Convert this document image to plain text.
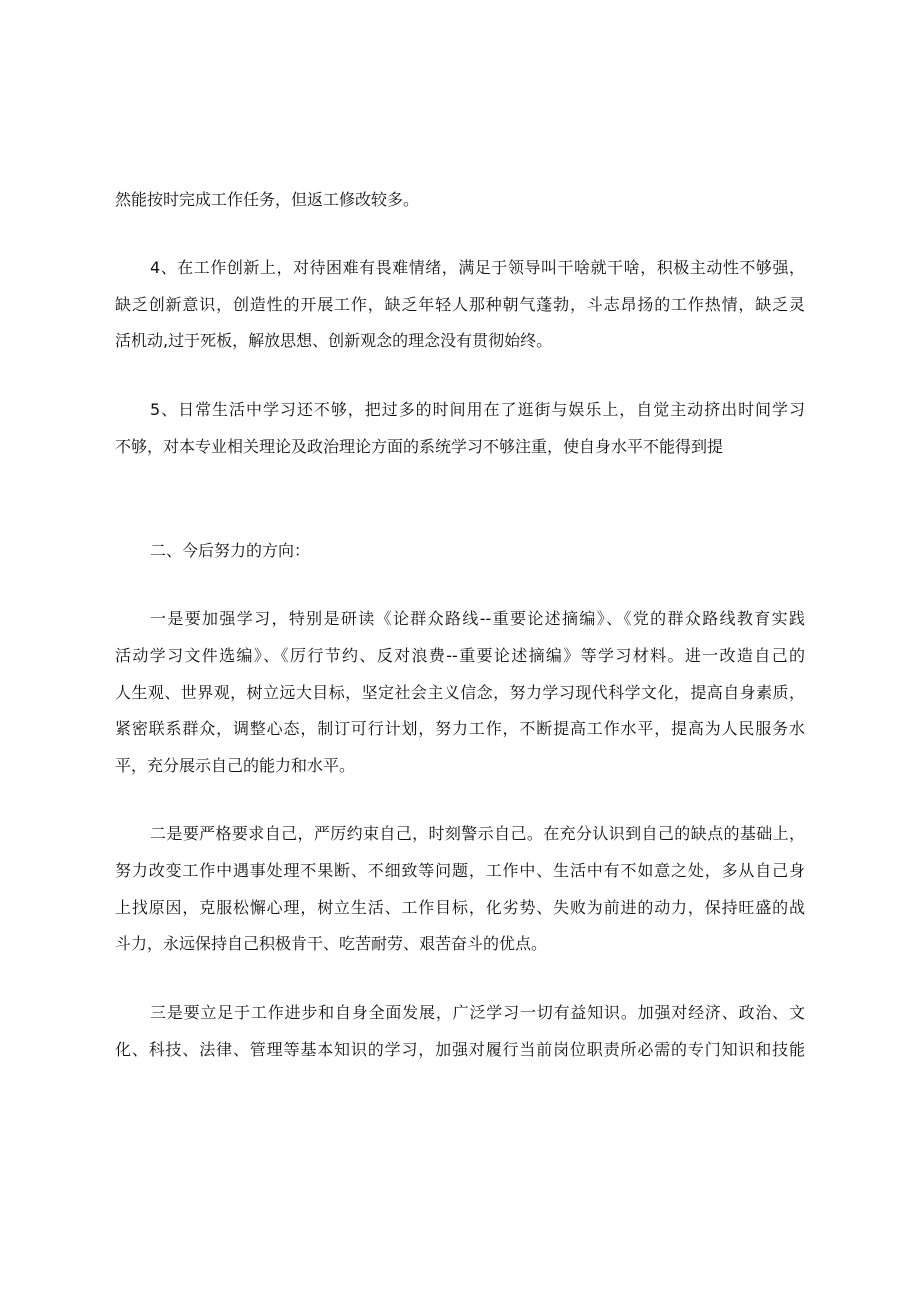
然能按时完成工作任务，但返工修改较多。
4、在工作创新上，对待困难有畏难情绪，满足于领导叫干啥就干啥，积极主动性不够强，
缺乏创新意识，创造性的开展工作，缺乏年轻人那种朝气蓬勃，斗志昂扬的工作热情，缺乏灵
活机动,过于死板，解放思想、创新观念的理念没有贯彻始终。
5、日常生活中学习还不够，把过多的时间用在了逛街与娱乐上，自觉主动挤出时间学习
不够，对本专业相关理论及政治理论方面的系统学习不够注重，使自身水平不能得到提
二、今后努力的方向：
一是要加强学习，特别是研读《论群众路线--重要论述摘编》、《党的群众路线教育实践
活动学习文件选编》、《厉行节约、反对浪费--重要论述摘编》等学习材料。进一改造自己的
人生观、世界观，树立远大目标，坚定社会主义信念，努力学习现代科学文化，提高自身素质，
紧密联系群众，调整心态，制订可行计划，努力工作，不断提高工作水平，提高为人民服务水
平，充分展示自己的能力和水平。
二是要严格要求自己，严厉约束自己，时刻警示自己。在充分认识到自己的缺点的基础上，
努力改变工作中遇事处理不果断、不细致等问题，工作中、生活中有不如意之处，多从自己身
上找原因，克服松懈心理，树立生活、工作目标，化劣势、失败为前进的动力，保持旺盛的战
斗力，永远保持自己积极肯干、吃苦耐劳、艰苦奋斗的优点。
三是要立足于工作进步和自身全面发展，广泛学习一切有益知识。加强对经济、政治、文
化、科技、法律、管理等基本知识的学习，加强对履行当前岗位职责所必需的专门知识和技能
